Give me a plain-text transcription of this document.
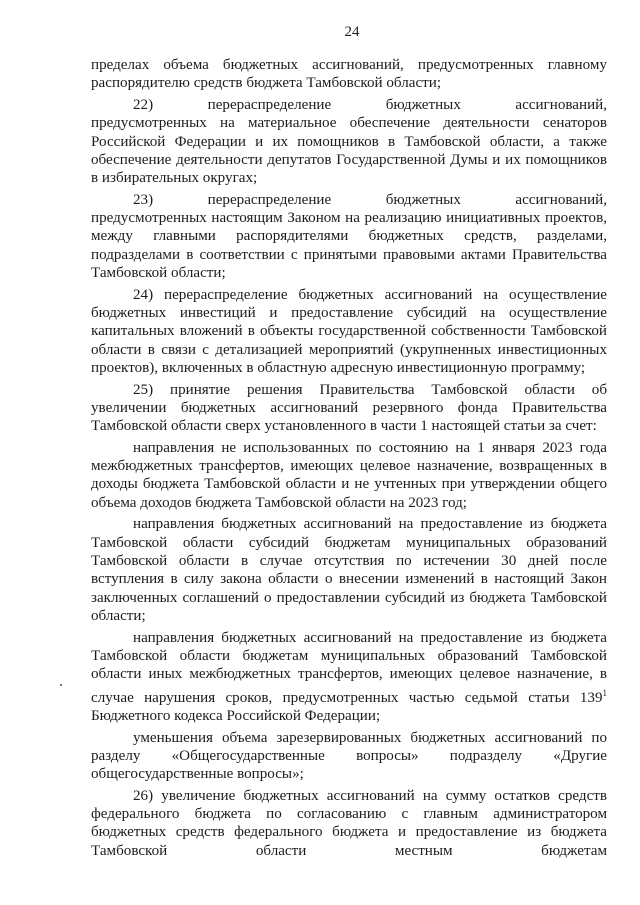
24

пределах объема бюджетных ассигнований, предусмотренных главному распорядителю средств бюджета Тамбовской области;

22)         перераспределение         бюджетных         ассигнований, предусмотренных на материальное обеспечение деятельности сенаторов Российской Федерации и их помощников в Тамбовской области, а также обеспечение деятельности депутатов Государственной Думы и их помощников в избирательных округах;

23)         перераспределение         бюджетных         ассигнований, предусмотренных настоящим Законом на реализацию инициативных проектов, между главными распорядителями бюджетных средств, разделами, подразделами в соответствии с принятыми правовыми актами Правительства Тамбовской области;

24) перераспределение бюджетных ассигнований на осуществление бюджетных инвестиций и предоставление субсидий на осуществление капитальных вложений в объекты государственной собственности Тамбовской области в связи с детализацией мероприятий (укрупненных инвестиционных проектов), включенных в областную адресную инвестиционную программу;

25) принятие решения Правительства Тамбовской области об увеличении бюджетных ассигнований резервного фонда Правительства Тамбовской области сверх установленного в части 1 настоящей статьи за счет:

направления не использованных по состоянию на 1 января 2023 года межбюджетных трансфертов, имеющих целевое назначение, возвращенных в доходы бюджета Тамбовской области и не учтенных при утверждении общего объема доходов бюджета Тамбовской области на 2023 год;

направления бюджетных ассигнований на предоставление из бюджета Тамбовской области субсидий бюджетам муниципальных образований Тамбовской области в случае отсутствия по истечении 30 дней после вступления в силу закона области о внесении изменений в настоящий Закон заключенных соглашений о предоставлении субсидий из бюджета Тамбовской области;

направления бюджетных ассигнований на предоставление из бюджета Тамбовской области бюджетам муниципальных образований Тамбовской области иных межбюджетных трансфертов, имеющих целевое назначение, в случае нарушения сроков, предусмотренных частью седьмой статьи $139^1$ Бюджетного кодекса Российской Федерации;

уменьшения объема зарезервированных бюджетных ассигнований по разделу «Общегосударственные вопросы» подразделу «Другие общегосударственные вопросы»;

26) увеличение бюджетных ассигнований на сумму остатков средств федерального бюджета по согласованию с главным администратором бюджетных средств федерального бюджета и предоставление из бюджета Тамбовской области местным бюджетам
